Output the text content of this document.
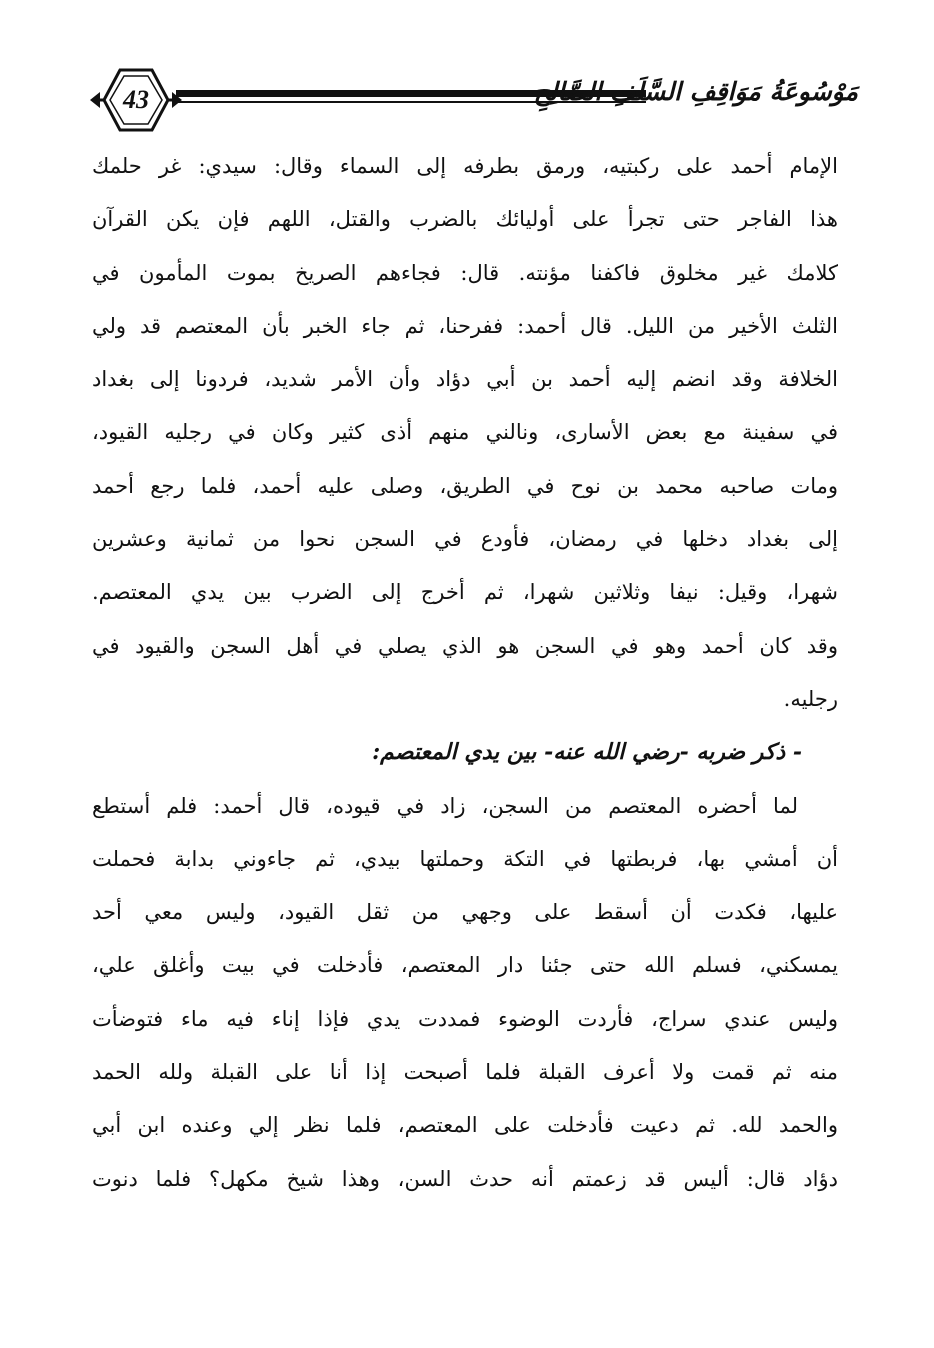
43	مَوْسُوعَةُ مَوَاقِفِ السَّلَفِ الصَّالِحِ
الإمام أحمد على ركبتيه، ورمق بطرفه إلى السماء وقال: سيدي: غر حلمك
هذا الفاجر حتى تجرأ على أوليائك بالضرب والقتل، اللهم فإن يكن القرآن
كلامك غير مخلوق فاكفنا مؤنته. قال: فجاءهم الصريخ بموت المأمون في
الثلث الأخير من الليل. قال أحمد: ففرحنا، ثم جاء الخبر بأن المعتصم قد ولي
الخلافة وقد انضم إليه أحمد بن أبي دؤاد وأن الأمر شديد، فردونا إلى بغداد
في سفينة مع بعض الأسارى، ونالني منهم أذى كثير وكان في رجليه القيود،
ومات صاحبه محمد بن نوح في الطريق، وصلى عليه أحمد، فلما رجع أحمد
إلى بغداد دخلها في رمضان، فأودع في السجن نحوا من ثمانية وعشرين
شهرا، وقيل: نيفا وثلاثين شهرا، ثم أخرج إلى الضرب بين يدي المعتصم.
وقد كان أحمد وهو في السجن هو الذي يصلي في أهل السجن والقيود في
رجليه.
- ذكر ضربه -رضي الله عنه- بين يدي المعتصم:
لما أحضره المعتصم من السجن، زاد في قيوده، قال أحمد: فلم أستطع
أن أمشي بها، فربطتها في التكة وحملتها بيدي، ثم جاءوني بدابة فحملت
عليها، فكدت أن أسقط على وجهي من ثقل القيود، وليس معي أحد
يمسكني، فسلم الله حتى جئنا دار المعتصم، فأدخلت في بيت وأغلق علي،
وليس عندي سراج، فأردت الوضوء فمددت يدي فإذا إناء فيه ماء فتوضأت
منه ثم قمت ولا أعرف القبلة فلما أصبحت إذا أنا على القبلة ولله الحمد
والحمد لله. ثم دعيت فأدخلت على المعتصم، فلما نظر إلي وعنده ابن أبي
دؤاد قال: أليس قد زعمتم أنه حدث السن، وهذا شيخ مكهل؟ فلما دنوت
